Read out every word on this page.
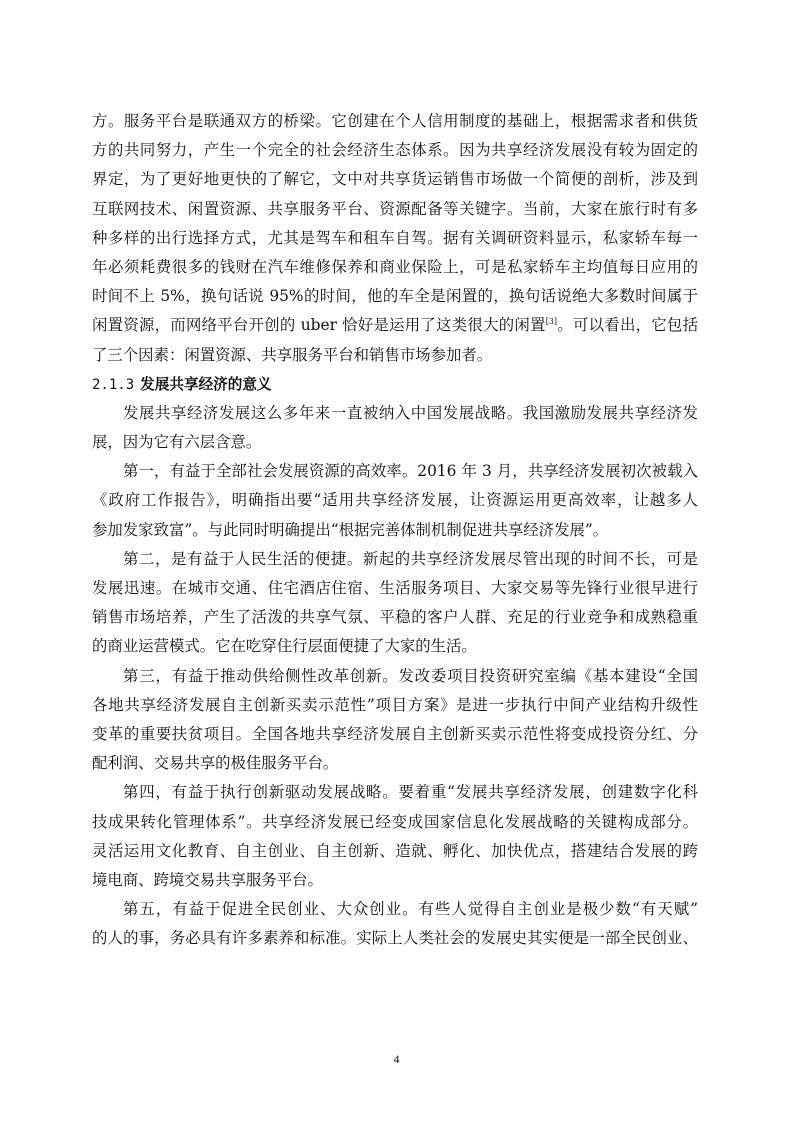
方。服务平台是联通双方的桥梁。它创建在个人信用制度的基础上，根据需求者和供货
方的共同努力，产生一个完全的社会经济生态体系。因为共享经济发展没有较为固定的
界定，为了更好地更快的了解它，文中对共享货运销售市场做一个简便的剖析，涉及到
互联网技术、闲置资源、共享服务平台、资源配备等关键字。当前，大家在旅行时有多
种多样的出行选择方式，尤其是驾车和租车自驾。据有关调研资料显示，私家轿车每一
年必须耗费很多的钱财在汽车维修保养和商业保险上，可是私家轿车主均值每日应用的
时间不上 5%，换句话说 95%的时间，他的车全是闲置的，换句话说绝大多数时间属于
闲置资源，而网络平台开创的 uber 恰好是运用了这类很大的闲置[3]。可以看出，它包括
了三个因素：闲置资源、共享服务平台和销售市场参加者。
2.1.3 发展共享经济的意义
发展共享经济发展这么多年来一直被纳入中国发展战略。我国激励发展共享经济发
展，因为它有六层含意。
第一，有益于全部社会发展资源的高效率。2016 年 3 月，共享经济发展初次被载入
《政府工作报告》，明确指出要“适用共享经济发展，让资源运用更高效率，让越多人
参加发家致富”。与此同时明确提出“根据完善体制机制促进共享经济发展”。
第二，是有益于人民生活的便捷。新起的共享经济发展尽管出现的时间不长，可是
发展迅速。在城市交通、住宅酒店住宿、生活服务项目、大家交易等先锋行业很早进行
销售市场培养，产生了活泼的共享气氛、平稳的客户人群、充足的行业竞争和成熟稳重
的商业运营模式。它在吃穿住行层面便捷了大家的生活。
第三，有益于推动供给侧性改革创新。发改委项目投资研究室编《基本建设“全国
各地共享经济发展自主创新买卖示范性”项目方案》是进一步执行中间产业结构升级性
变革的重要扶贫项目。全国各地共享经济发展自主创新买卖示范性将变成投资分红、分
配利润、交易共享的极佳服务平台。
第四，有益于执行创新驱动发展战略。要着重“发展共享经济发展，创建数字化科
技成果转化管理体系”。共享经济发展已经变成国家信息化发展战略的关键构成部分。
灵活运用文化教育、自主创业、自主创新、造就、孵化、加快优点，搭建结合发展的跨
境电商、跨境交易共享服务平台。
第五，有益于促进全民创业、大众创业。有些人觉得自主创业是极少数“有天赋”
的人的事，务必具有许多素养和标准。实际上人类社会的发展史其实便是一部全民创业、
4
